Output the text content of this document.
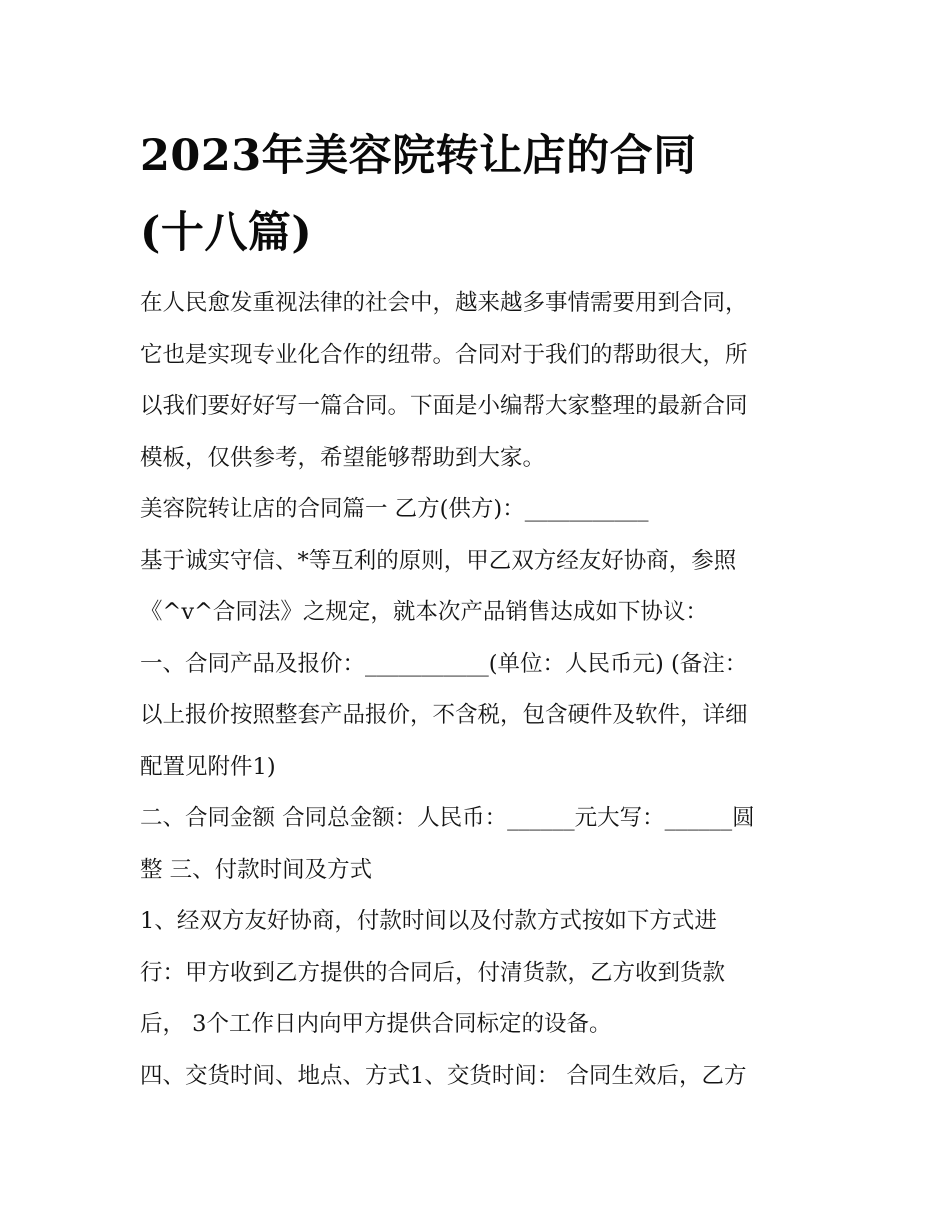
2023年美容院转让店的合同
(十八篇)
在人民愈发重视法律的社会中，越来越多事情需要用到合同，
它也是实现专业化合作的纽带。合同对于我们的帮助很大，所
以我们要好好写一篇合同。下面是小编帮大家整理的最新合同
模板，仅供参考，希望能够帮助到大家。
美容院转让店的合同篇一 乙方(供方)：___________
基于诚实守信、*等互利的原则，甲乙双方经友好协商，参照
《^v^合同法》之规定，就本次产品销售达成如下协议：
一、合同产品及报价：___________(单位：人民币元) (备注：
以上报价按照整套产品报价，不含税，包含硬件及软件，详细
配置见附件1)
二、合同金额 合同总金额：人民币：______元大写：______圆
整 三、付款时间及方式
1、经双方友好协商，付款时间以及付款方式按如下方式进
行：甲方收到乙方提供的合同后，付清货款，乙方收到货款
后， 3个工作日内向甲方提供合同标定的设备。
四、交货时间、地点、方式1、交货时间： 合同生效后，乙方
